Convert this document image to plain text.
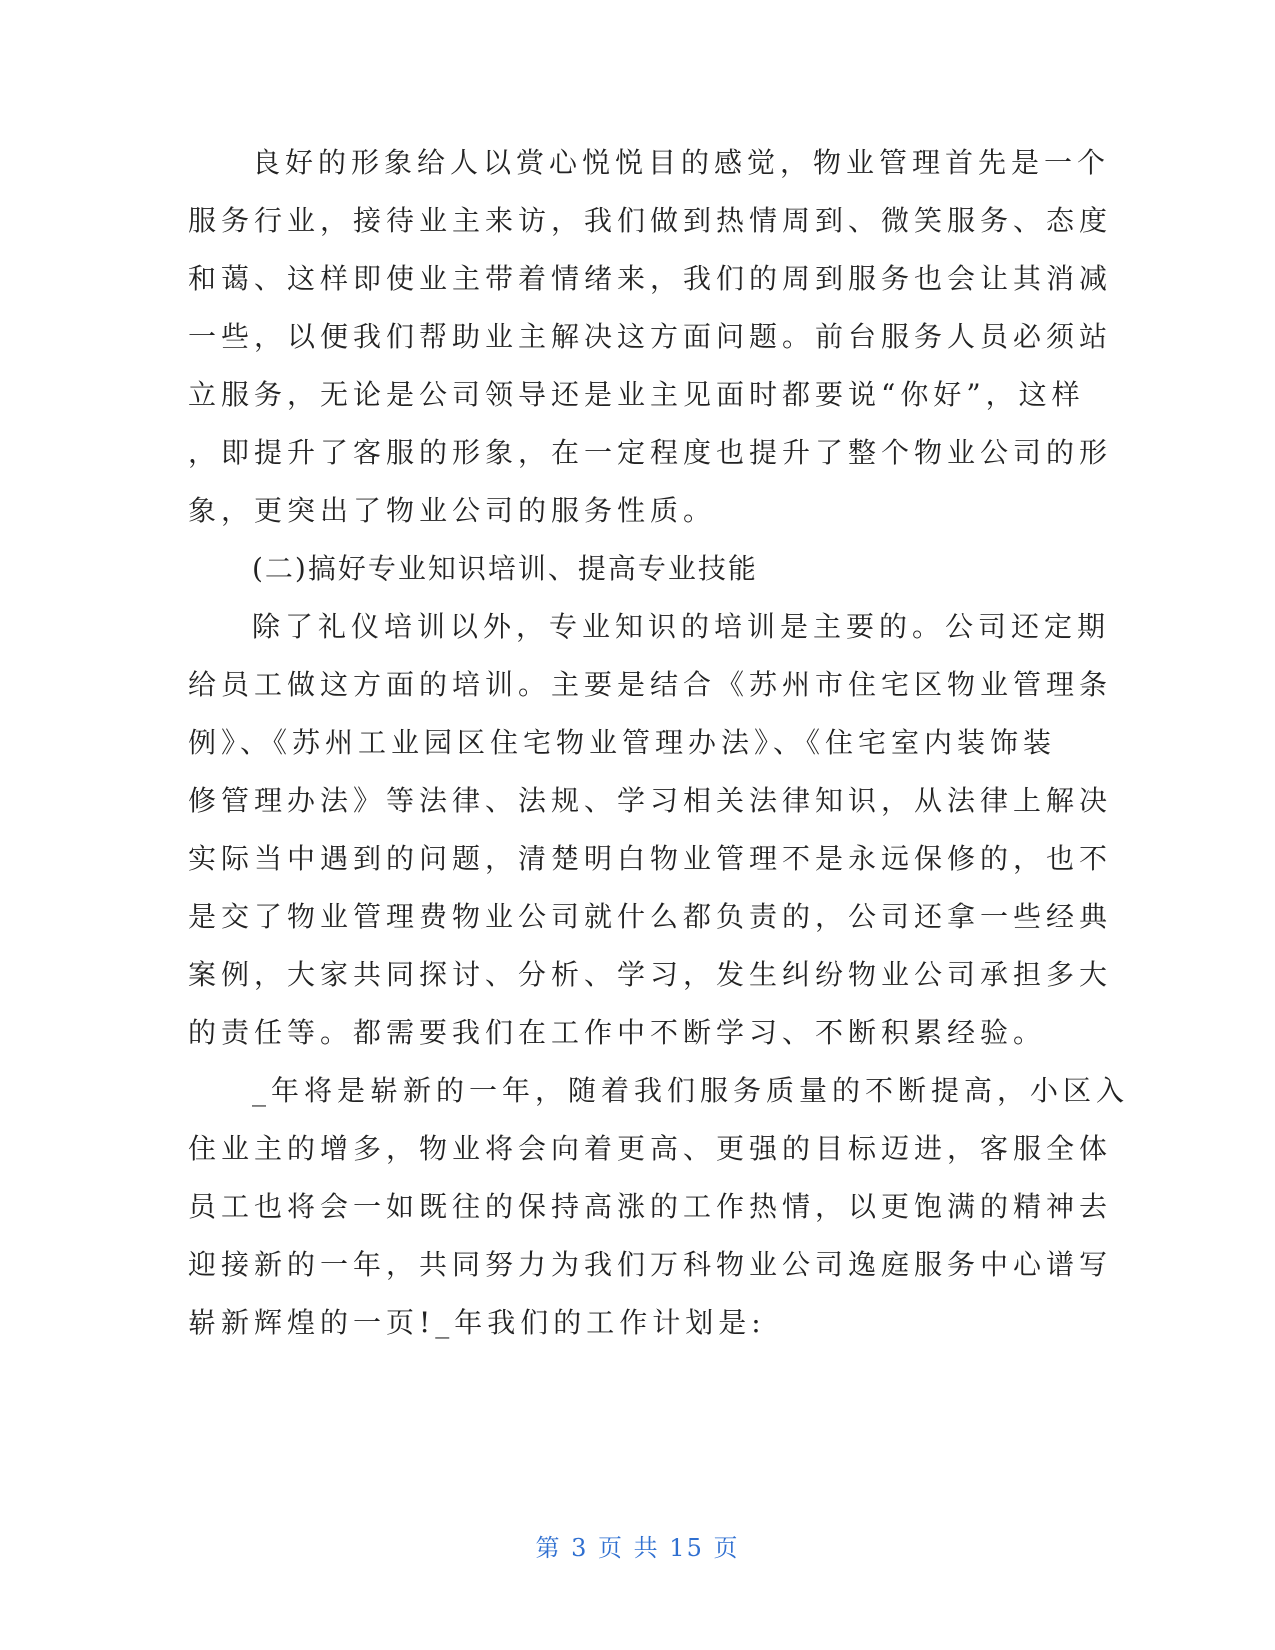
良好的形象给人以赏心悦悦目的感觉，物业管理首先是一个
服务行业，接待业主来访，我们做到热情周到、微笑服务、态度
和蔼、这样即使业主带着情绪来，我们的周到服务也会让其消减
一些，以便我们帮助业主解决这方面问题。前台服务人员必须站
立服务，无论是公司领导还是业主见面时都要说“你好”，这样
，即提升了客服的形象，在一定程度也提升了整个物业公司的形
象，更突出了物业公司的服务性质。
(二)搞好专业知识培训、提高专业技能
除了礼仪培训以外，专业知识的培训是主要的。公司还定期
给员工做这方面的培训。主要是结合《苏州市住宅区物业管理条
例》、《苏州工业园区住宅物业管理办法》、《住宅室内装饰装
修管理办法》等法律、法规、学习相关法律知识，从法律上解决
实际当中遇到的问题，清楚明白物业管理不是永远保修的，也不
是交了物业管理费物业公司就什么都负责的，公司还拿一些经典
案例，大家共同探讨、分析、学习，发生纠纷物业公司承担多大
的责任等。都需要我们在工作中不断学习、不断积累经验。
_年将是崭新的一年，随着我们服务质量的不断提高，小区入
住业主的增多，物业将会向着更高、更强的目标迈进，客服全体
员工也将会一如既往的保持高涨的工作热情，以更饱满的精神去
迎接新的一年，共同努力为我们万科物业公司逸庭服务中心谱写
崭新辉煌的一页!_年我们的工作计划是:
第 3 页 共 15 页
